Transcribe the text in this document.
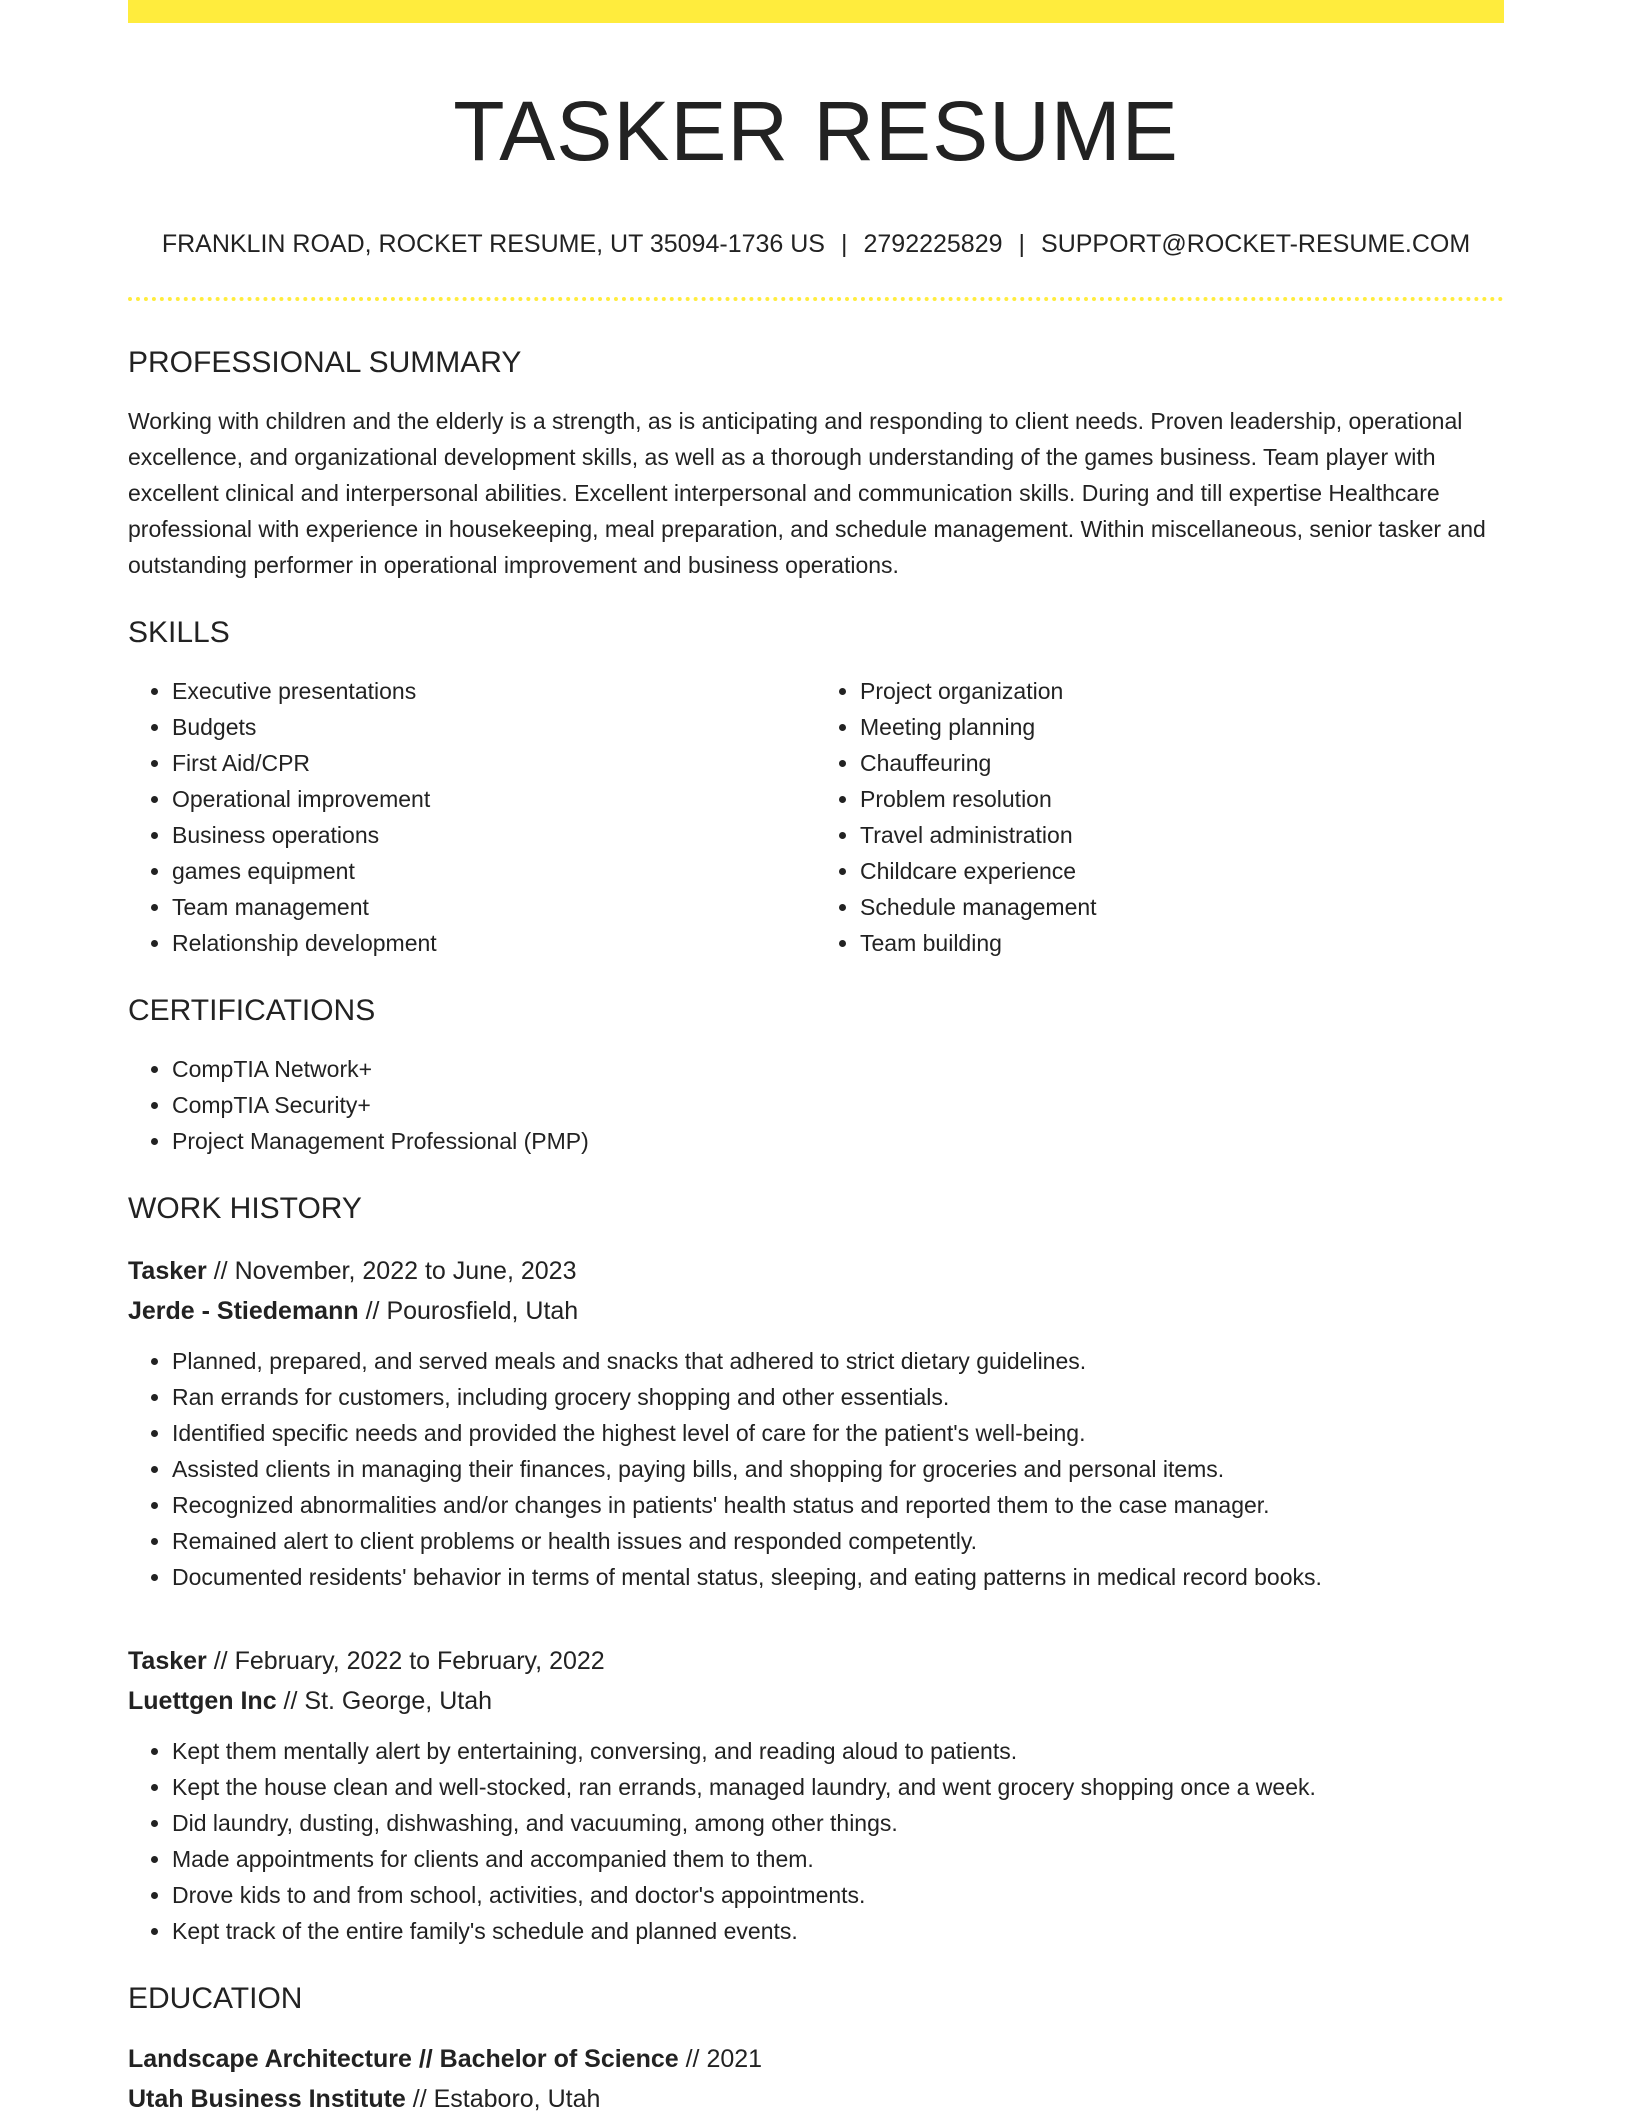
TASKER RESUME
FRANKLIN ROAD, ROCKET RESUME, UT 35094-1736 US | 2792225829 | SUPPORT@ROCKET-RESUME.COM
PROFESSIONAL SUMMARY
Working with children and the elderly is a strength, as is anticipating and responding to client needs. Proven leadership, operational excellence, and organizational development skills, as well as a thorough understanding of the games business. Team player with excellent clinical and interpersonal abilities. Excellent interpersonal and communication skills. During and till expertise Healthcare professional with experience in housekeeping, meal preparation, and schedule management. Within miscellaneous, senior tasker and outstanding performer in operational improvement and business operations.
SKILLS
• Executive presentations
• Budgets
• First Aid/CPR
• Operational improvement
• Business operations
• games equipment
• Team management
• Relationship development
• Project organization
• Meeting planning
• Chauffeuring
• Problem resolution
• Travel administration
• Childcare experience
• Schedule management
• Team building
CERTIFICATIONS
• CompTIA Network+
• CompTIA Security+
• Project Management Professional (PMP)
WORK HISTORY
Tasker // November, 2022 to June, 2023
Jerde - Stiedemann // Pourosfield, Utah
• Planned, prepared, and served meals and snacks that adhered to strict dietary guidelines.
• Ran errands for customers, including grocery shopping and other essentials.
• Identified specific needs and provided the highest level of care for the patient's well-being.
• Assisted clients in managing their finances, paying bills, and shopping for groceries and personal items.
• Recognized abnormalities and/or changes in patients' health status and reported them to the case manager.
• Remained alert to client problems or health issues and responded competently.
• Documented residents' behavior in terms of mental status, sleeping, and eating patterns in medical record books.
Tasker // February, 2022 to February, 2022
Luettgen Inc // St. George, Utah
• Kept them mentally alert by entertaining, conversing, and reading aloud to patients.
• Kept the house clean and well-stocked, ran errands, managed laundry, and went grocery shopping once a week.
• Did laundry, dusting, dishwashing, and vacuuming, among other things.
• Made appointments for clients and accompanied them to them.
• Drove kids to and from school, activities, and doctor's appointments.
• Kept track of the entire family's schedule and planned events.
EDUCATION
Landscape Architecture // Bachelor of Science // 2021
Utah Business Institute // Estaboro, Utah
